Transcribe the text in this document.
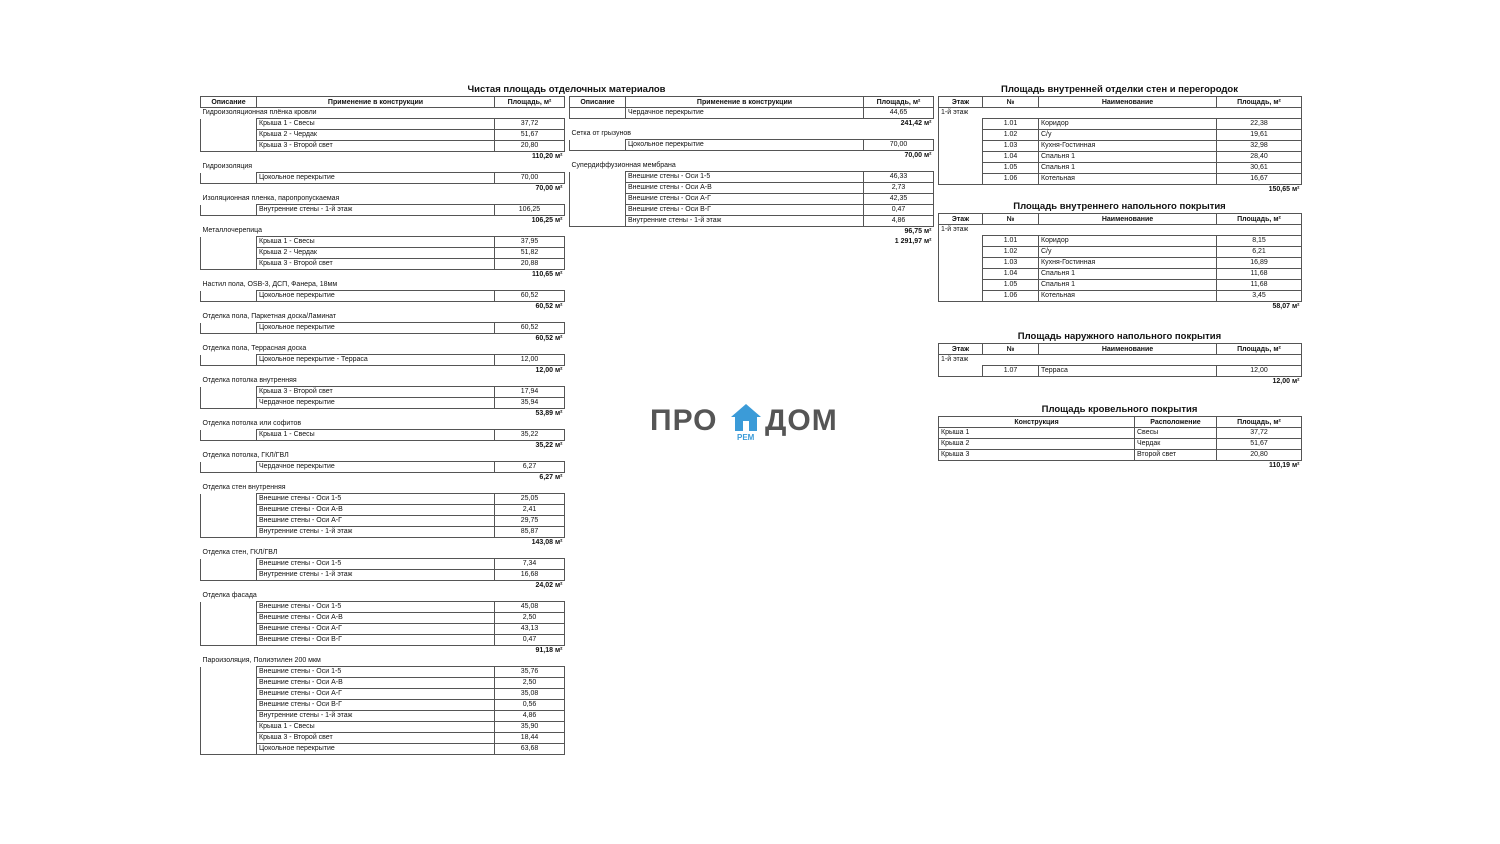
Чистая площадь отделочных материалов
Описание	Применение в конструкции	Площадь, м²
Гидроизоляционная плёнка кровли		
	Крыша 1 - Свесы	37,72
	Крыша 2 - Чердак	51,67
	Крыша 3 - Второй свет	20,80
		110,20 м²
Гидроизоляция		
	Цокольное перекрытие	70,00
		70,00 м²
Изоляционная пленка, паропропускаемая		
	Внутренние стены - 1-й этаж	106,25
		106,25 м²
Металлочерепица		
	Крыша 1 - Свесы	37,95
	Крыша 2 - Чердак	51,82
	Крыша 3 - Второй свет	20,88
		110,65 м²
Настил пола, OSB-3, ДСП, Фанера, 18мм		
	Цокольное перекрытие	60,52
		60,52 м²
Отделка пола, Паркетная доска/Ламинат		
	Цокольное перекрытие	60,52
		60,52 м²
Отделка пола, Террасная доска		
	Цокольное перекрытие - Терраса	12,00
		12,00 м²
Отделка потолка внутренняя		
	Крыша 3 - Второй свет	17,94
	Чердачное перекрытие	35,94
		53,89 м²
Отделка потолка или софитов		
	Крыша 1 - Свесы	35,22
		35,22 м²
Отделка потолка, ГКЛ/ГВЛ		
	Чердачное перекрытие	6,27
		6,27 м²
Отделка стен внутренняя		
	Внешние стены - Оси 1-5	25,05
	Внешние стены - Оси А-В	2,41
	Внешние стены - Оси А-Г	29,75
	Внутренние стены - 1-й этаж	85,87
		143,08 м²
Отделка стен, ГКЛ/ГВЛ		
	Внешние стены - Оси 1-5	7,34
	Внутренние стены - 1-й этаж	16,68
		24,02 м²
Отделка фасада		
	Внешние стены - Оси 1-5	45,08
	Внешние стены - Оси А-В	2,50
	Внешние стены - Оси А-Г	43,13
	Внешние стены - Оси В-Г	0,47
		91,18 м²
Пароизоляция, Полиэтилен 200 мкм		
	Внешние стены - Оси 1-5	35,76
	Внешние стены - Оси А-В	2,50
	Внешние стены - Оси А-Г	35,08
	Внешние стены - Оси В-Г	0,56
	Внутренние стены - 1-й этаж	4,86
	Крыша 1 - Свесы	35,90
	Крыша 3 - Второй свет	18,44
	Цокольное перекрытие	63,68
Описание	Применение в конструкции	Площадь, м²
	Чердачное перекрытие	44,65
		241,42 м²
Сетка от грызунов		
	Цокольное перекрытие	70,00
		70,00 м²
Супердиффузионная мембрана		
	Внешние стены - Оси 1-5	46,33
	Внешние стены - Оси А-В	2,73
	Внешние стены - Оси А-Г	42,35
	Внешние стены - Оси В-Г	0,47
	Внутренние стены - 1-й этаж	4,86
		96,75 м²
		1 291,97 м²
Площадь внутренней отделки стен и перегородок
Этаж	№	Наименование	Площадь, м²
1-й этаж			
	1.01	Коридор	22,38
	1.02	С/у	19,61
	1.03	Кухня-Гостинная	32,98
	1.04	Спальня 1	28,40
	1.05	Спальня 1	30,61
	1.06	Котельная	16,67
			150,65 м²
Площадь внутреннего напольного покрытия
Этаж	№	Наименование	Площадь, м²
1-й этаж			
	1.01	Коридор	8,15
	1.02	С/у	6,21
	1.03	Кухня-Гостинная	16,89
	1.04	Спальня 1	11,68
	1.05	Спальня 1	11,68
	1.06	Котельная	3,45
			58,07 м²
Площадь наружного напольного покрытия
Этаж	№	Наименование	Площадь, м²
1-й этаж			
	1.07	Терраса	12,00
			12,00 м²
Площадь кровельного покрытия
Конструкция	Расположение	Площадь, м²
Крыша 1	Свесы	37,72
Крыша 2	Чердак	51,67
Крыша 3	Второй свет	20,80
		110,19 м²
ПРО
РЕМ
ДОМ
